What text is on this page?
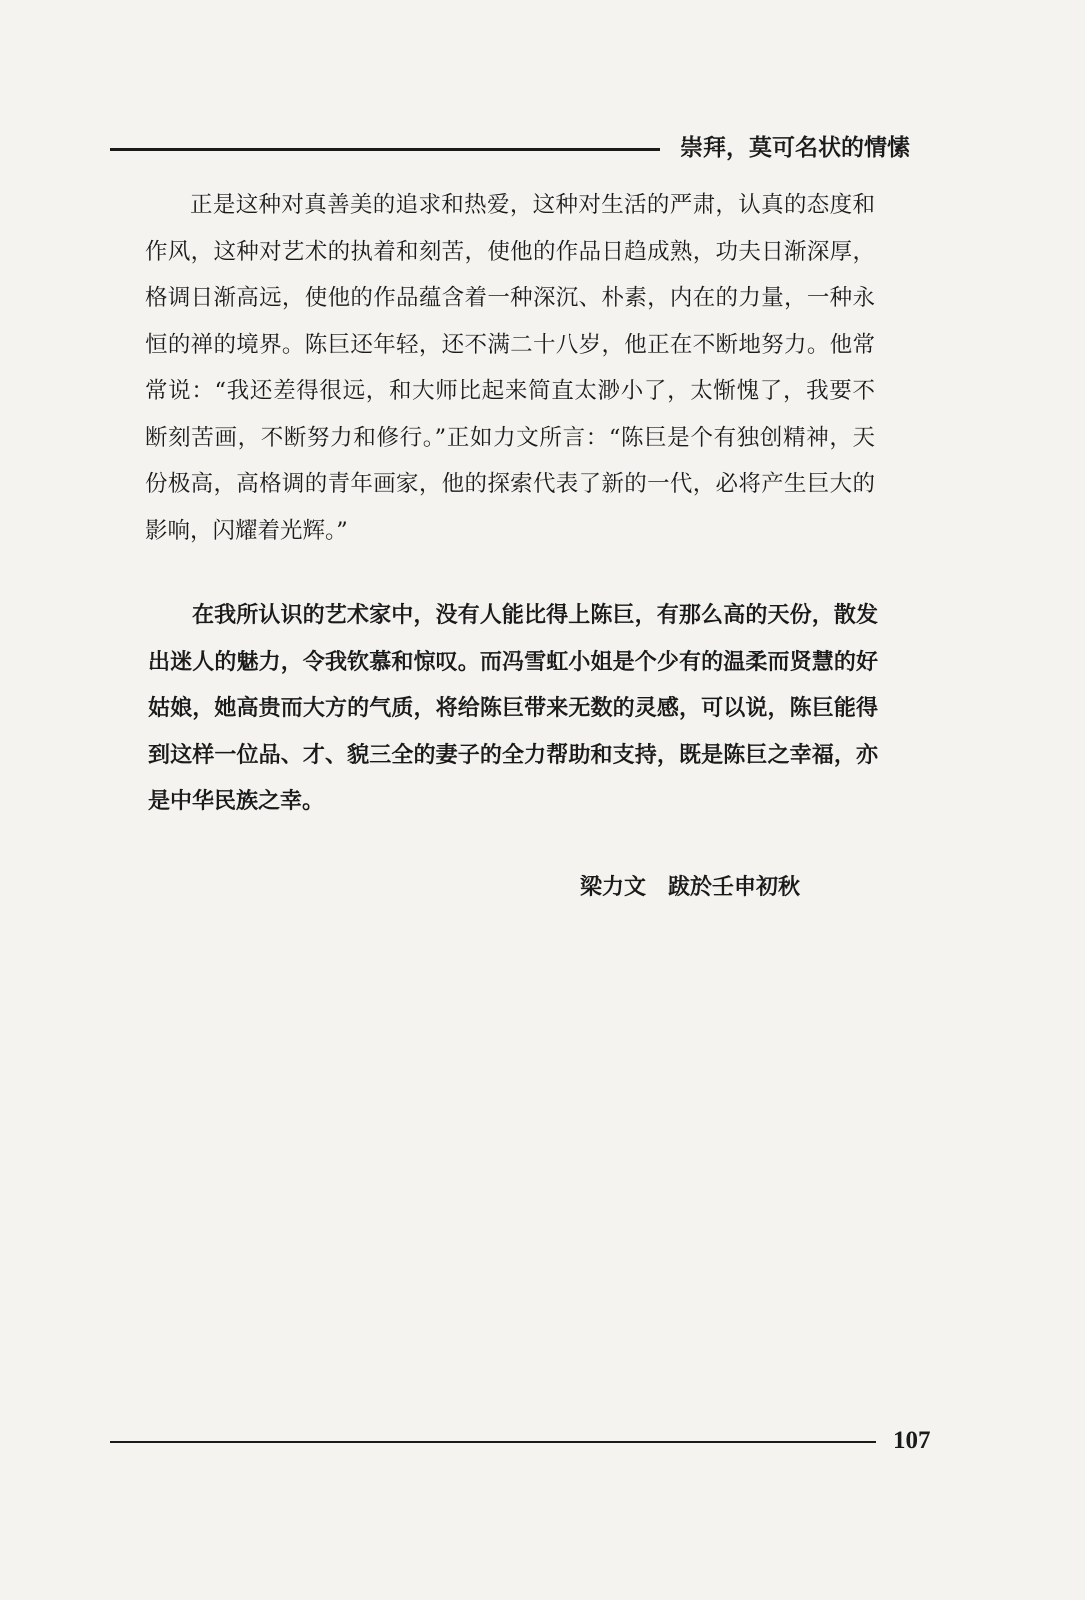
崇拜，莫可名状的情愫

正是这种对真善美的追求和热爱，这种对生活的严肃，认真的态度和作风，这种对艺术的执着和刻苦，使他的作品日趋成熟，功夫日渐深厚，格调日渐高远，使他的作品蕴含着一种深沉、朴素，内在的力量，一种永恒的禅的境界。陈巨还年轻，还不满二十八岁，他正在不断地努力。他常常说：“我还差得很远，和大师比起来简直太渺小了，太惭愧了，我要不断刻苦画，不断努力和修行。”正如力文所言：“陈巨是个有独创精神，天份极高，高格调的青年画家，他的探索代表了新的一代，必将产生巨大的影响，闪耀着光辉。”

在我所认识的艺术家中，没有人能比得上陈巨，有那么高的天份，散发出迷人的魅力，令我钦慕和惊叹。而冯雪虹小姐是个少有的温柔而贤慧的好姑娘，她高贵而大方的气质，将给陈巨带来无数的灵感，可以说，陈巨能得到这样一位品、才、貌三全的妻子的全力帮助和支持，既是陈巨之幸福，亦是中华民族之幸。

梁力文　跋於壬申初秋
107
